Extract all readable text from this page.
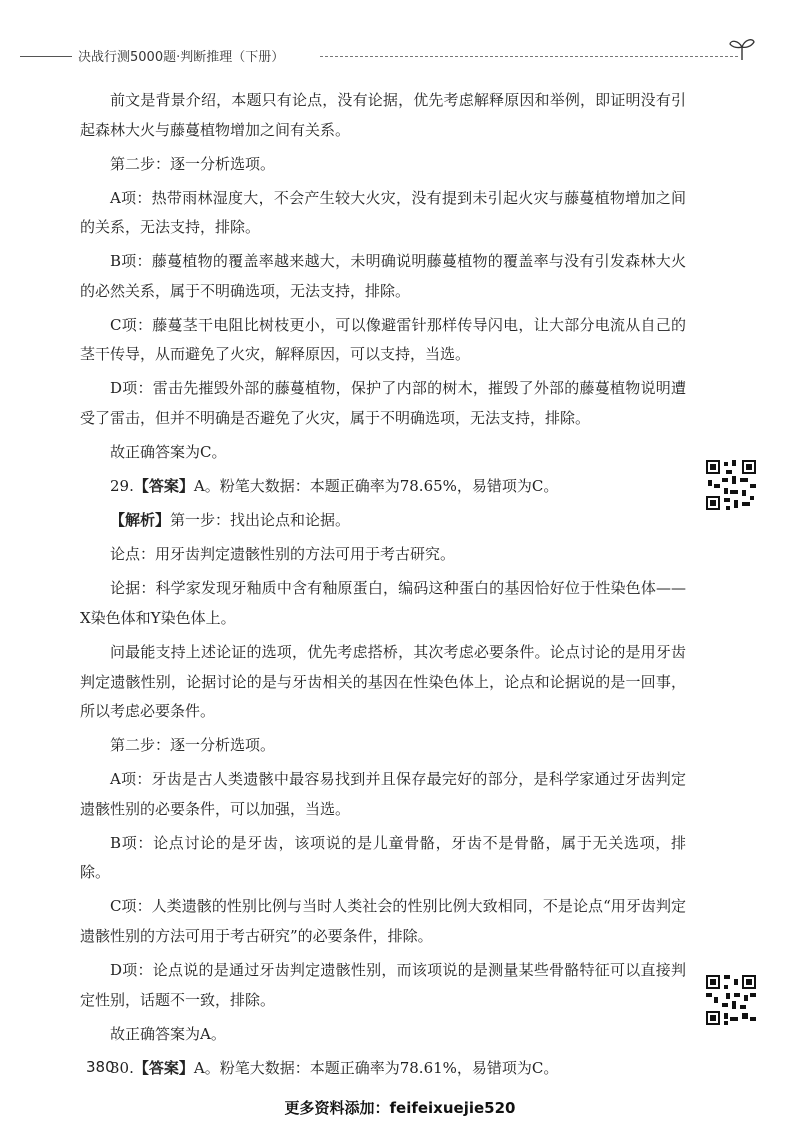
决战行测5000题·判断推理（下册）

前文是背景介绍，本题只有论点，没有论据，优先考虑解释原因和举例，即证明没有引起森林大火与藤蔓植物增加之间有关系。

第二步：逐一分析选项。

A项：热带雨林湿度大，不会产生较大火灾，没有提到未引起火灾与藤蔓植物增加之间的关系，无法支持，排除。

B项：藤蔓植物的覆盖率越来越大，未明确说明藤蔓植物的覆盖率与没有引发森林大火的必然关系，属于不明确选项，无法支持，排除。

C项：藤蔓茎干电阻比树枝更小，可以像避雷针那样传导闪电，让大部分电流从自己的茎干传导，从而避免了火灾，解释原因，可以支持，当选。

D项：雷击先摧毁外部的藤蔓植物，保护了内部的树木，摧毁了外部的藤蔓植物说明遭受了雷击，但并不明确是否避免了火灾，属于不明确选项，无法支持，排除。

故正确答案为C。

29.【答案】A。粉笔大数据：本题正确率为78.65%，易错项为C。

【解析】第一步：找出论点和论据。

论点：用牙齿判定遗骸性别的方法可用于考古研究。

论据：科学家发现牙釉质中含有釉原蛋白，编码这种蛋白的基因恰好位于性染色体——X染色体和Y染色体上。

问最能支持上述论证的选项，优先考虑搭桥，其次考虑必要条件。论点讨论的是用牙齿判定遗骸性别，论据讨论的是与牙齿相关的基因在性染色体上，论点和论据说的是一回事，所以考虑必要条件。

第二步：逐一分析选项。

A项：牙齿是古人类遗骸中最容易找到并且保存最完好的部分，是科学家通过牙齿判定遗骸性别的必要条件，可以加强，当选。

B项：论点讨论的是牙齿，该项说的是儿童骨骼，牙齿不是骨骼，属于无关选项，排除。

C项：人类遗骸的性别比例与当时人类社会的性别比例大致相同，不是论点“用牙齿判定遗骸性别的方法可用于考古研究”的必要条件，排除。

D项：论点说的是通过牙齿判定遗骸性别，而该项说的是测量某些骨骼特征可以直接判定性别，话题不一致，排除。

故正确答案为A。

30.【答案】A。粉笔大数据：本题正确率为78.61%，易错项为C。

380
更多资料添加：feifeixuejie520
